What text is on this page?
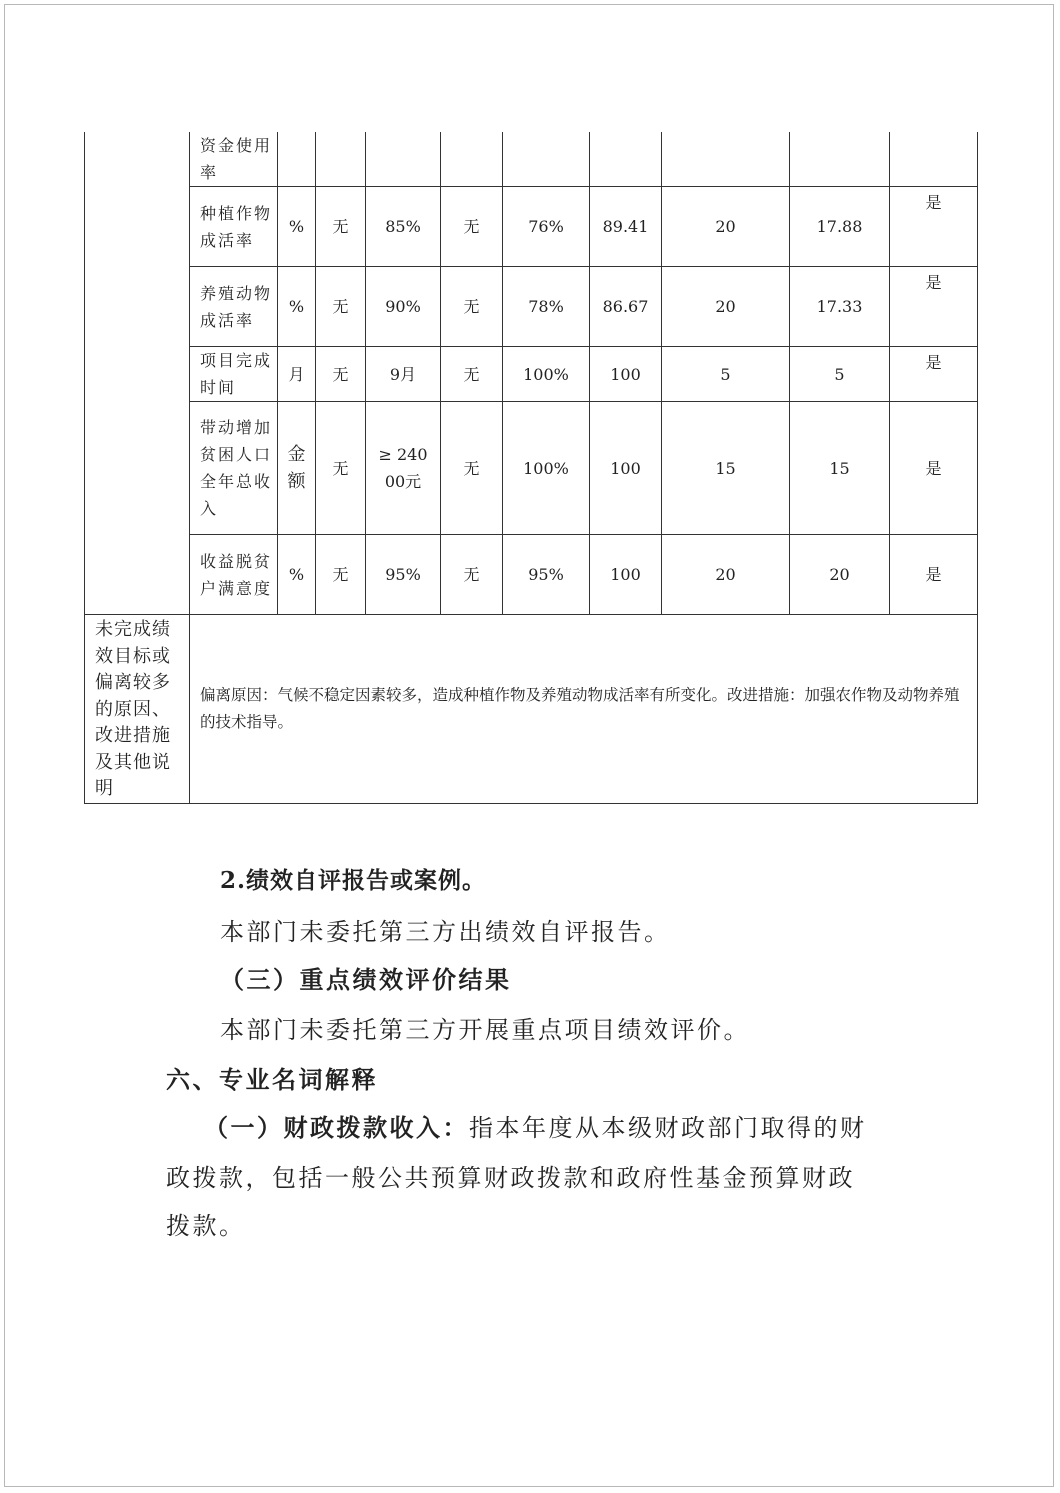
	资金使用率									
	种植作物成活率	%	无	85%	无	76%	89.41	20	17.88	是
	养殖动物成活率	%	无	90%	无	78%	86.67	20	17.33	是
	项目完成时间	月	无	9月	无	100%	100	5	5	是
	带动增加贫困人口全年总收入	金额	无	≥ 24000元	无	100%	100	15	15	是
	收益脱贫户满意度	%	无	95%	无	95%	100	20	20	是
未完成绩效目标或偏离较多的原因、改进措施及其他说明	偏离原因：气候不稳定因素较多，造成种植作物及养殖动物成活率有所变化。改进措施：加强农作物及动物养殖的技术指导。									

2.绩效自评报告或案例。

本部门未委托第三方出绩效自评报告。

（三）重点绩效评价结果

本部门未委托第三方开展重点项目绩效评价。

六、专业名词解释

（一）财政拨款收入：指本年度从本级财政部门取得的财

政拨款，包括一般公共预算财政拨款和政府性基金预算财政

拨款。
